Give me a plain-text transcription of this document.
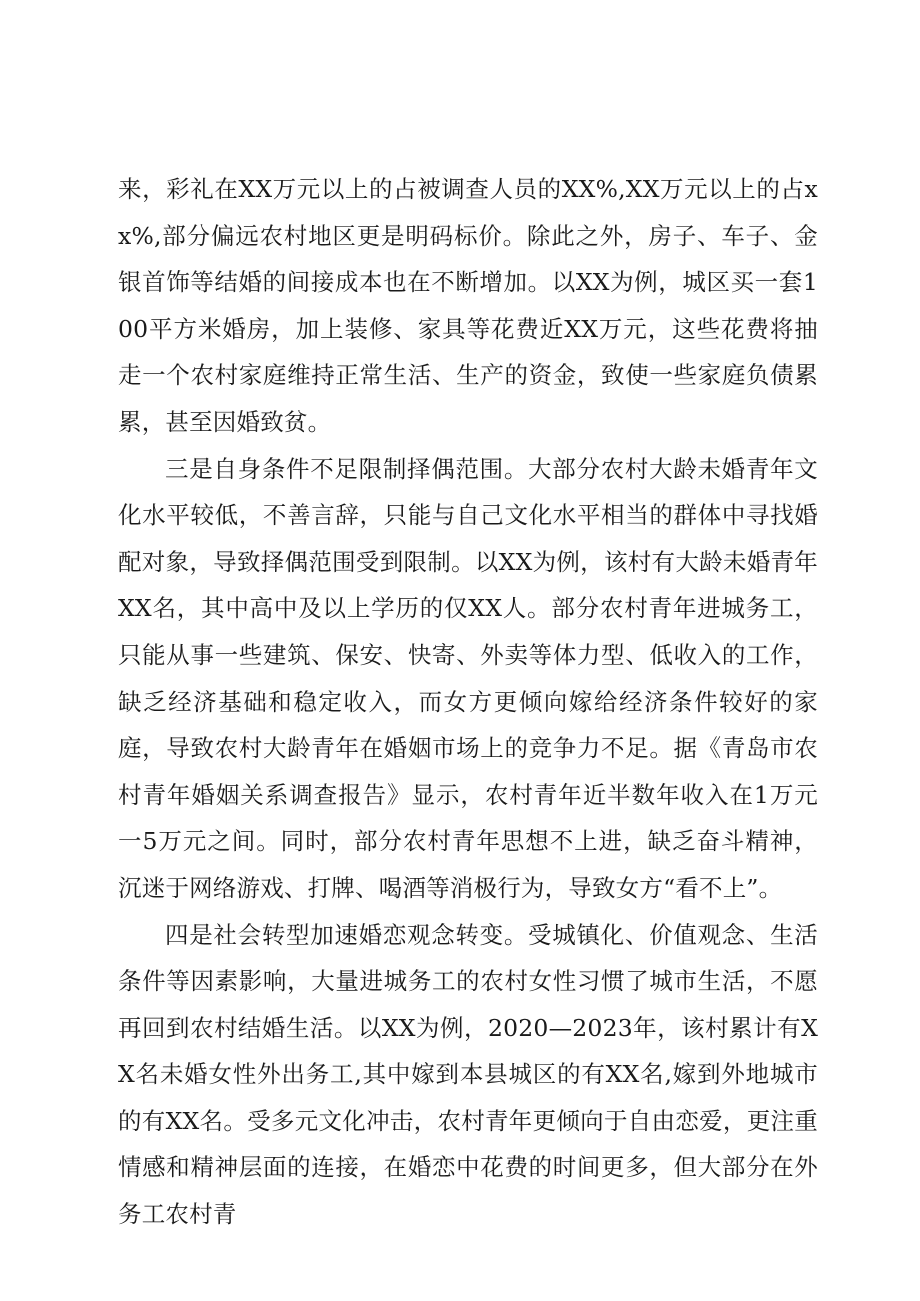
来，彩礼在XX万元以上的占被调查人员的XX%,XX万元以上的占xx%,部分偏远农村地区更是明码标价。除此之外，房子、车子、金银首饰等结婚的间接成本也在不断增加。以XX为例，城区买一套100平方米婚房，加上装修、家具等花费近XX万元，这些花费将抽走一个农村家庭维持正常生活、生产的资金，致使一些家庭负债累累，甚至因婚致贫。

三是自身条件不足限制择偶范围。大部分农村大龄未婚青年文化水平较低，不善言辞，只能与自己文化水平相当的群体中寻找婚配对象，导致择偶范围受到限制。以XX为例，该村有大龄未婚青年XX名，其中高中及以上学历的仅XX人。部分农村青年进城务工，只能从事一些建筑、保安、快寄、外卖等体力型、低收入的工作，缺乏经济基础和稳定收入，而女方更倾向嫁给经济条件较好的家庭，导致农村大龄青年在婚姻市场上的竞争力不足。据《青岛市农村青年婚姻关系调查报告》显示，农村青年近半数年收入在1万元一5万元之间。同时，部分农村青年思想不上进，缺乏奋斗精神，沉迷于网络游戏、打牌、喝酒等消极行为，导致女方“看不上”。

四是社会转型加速婚恋观念转变。受城镇化、价值观念、生活条件等因素影响，大量进城务工的农村女性习惯了城市生活，不愿再回到农村结婚生活。以XX为例，2020—2023年，该村累计有XX名未婚女性外出务工,其中嫁到本县城区的有XX名,嫁到外地城市的有XX名。受多元文化冲击，农村青年更倾向于自由恋爱，更注重情感和精神层面的连接，在婚恋中花费的时间更多，但大部分在外务工农村青
